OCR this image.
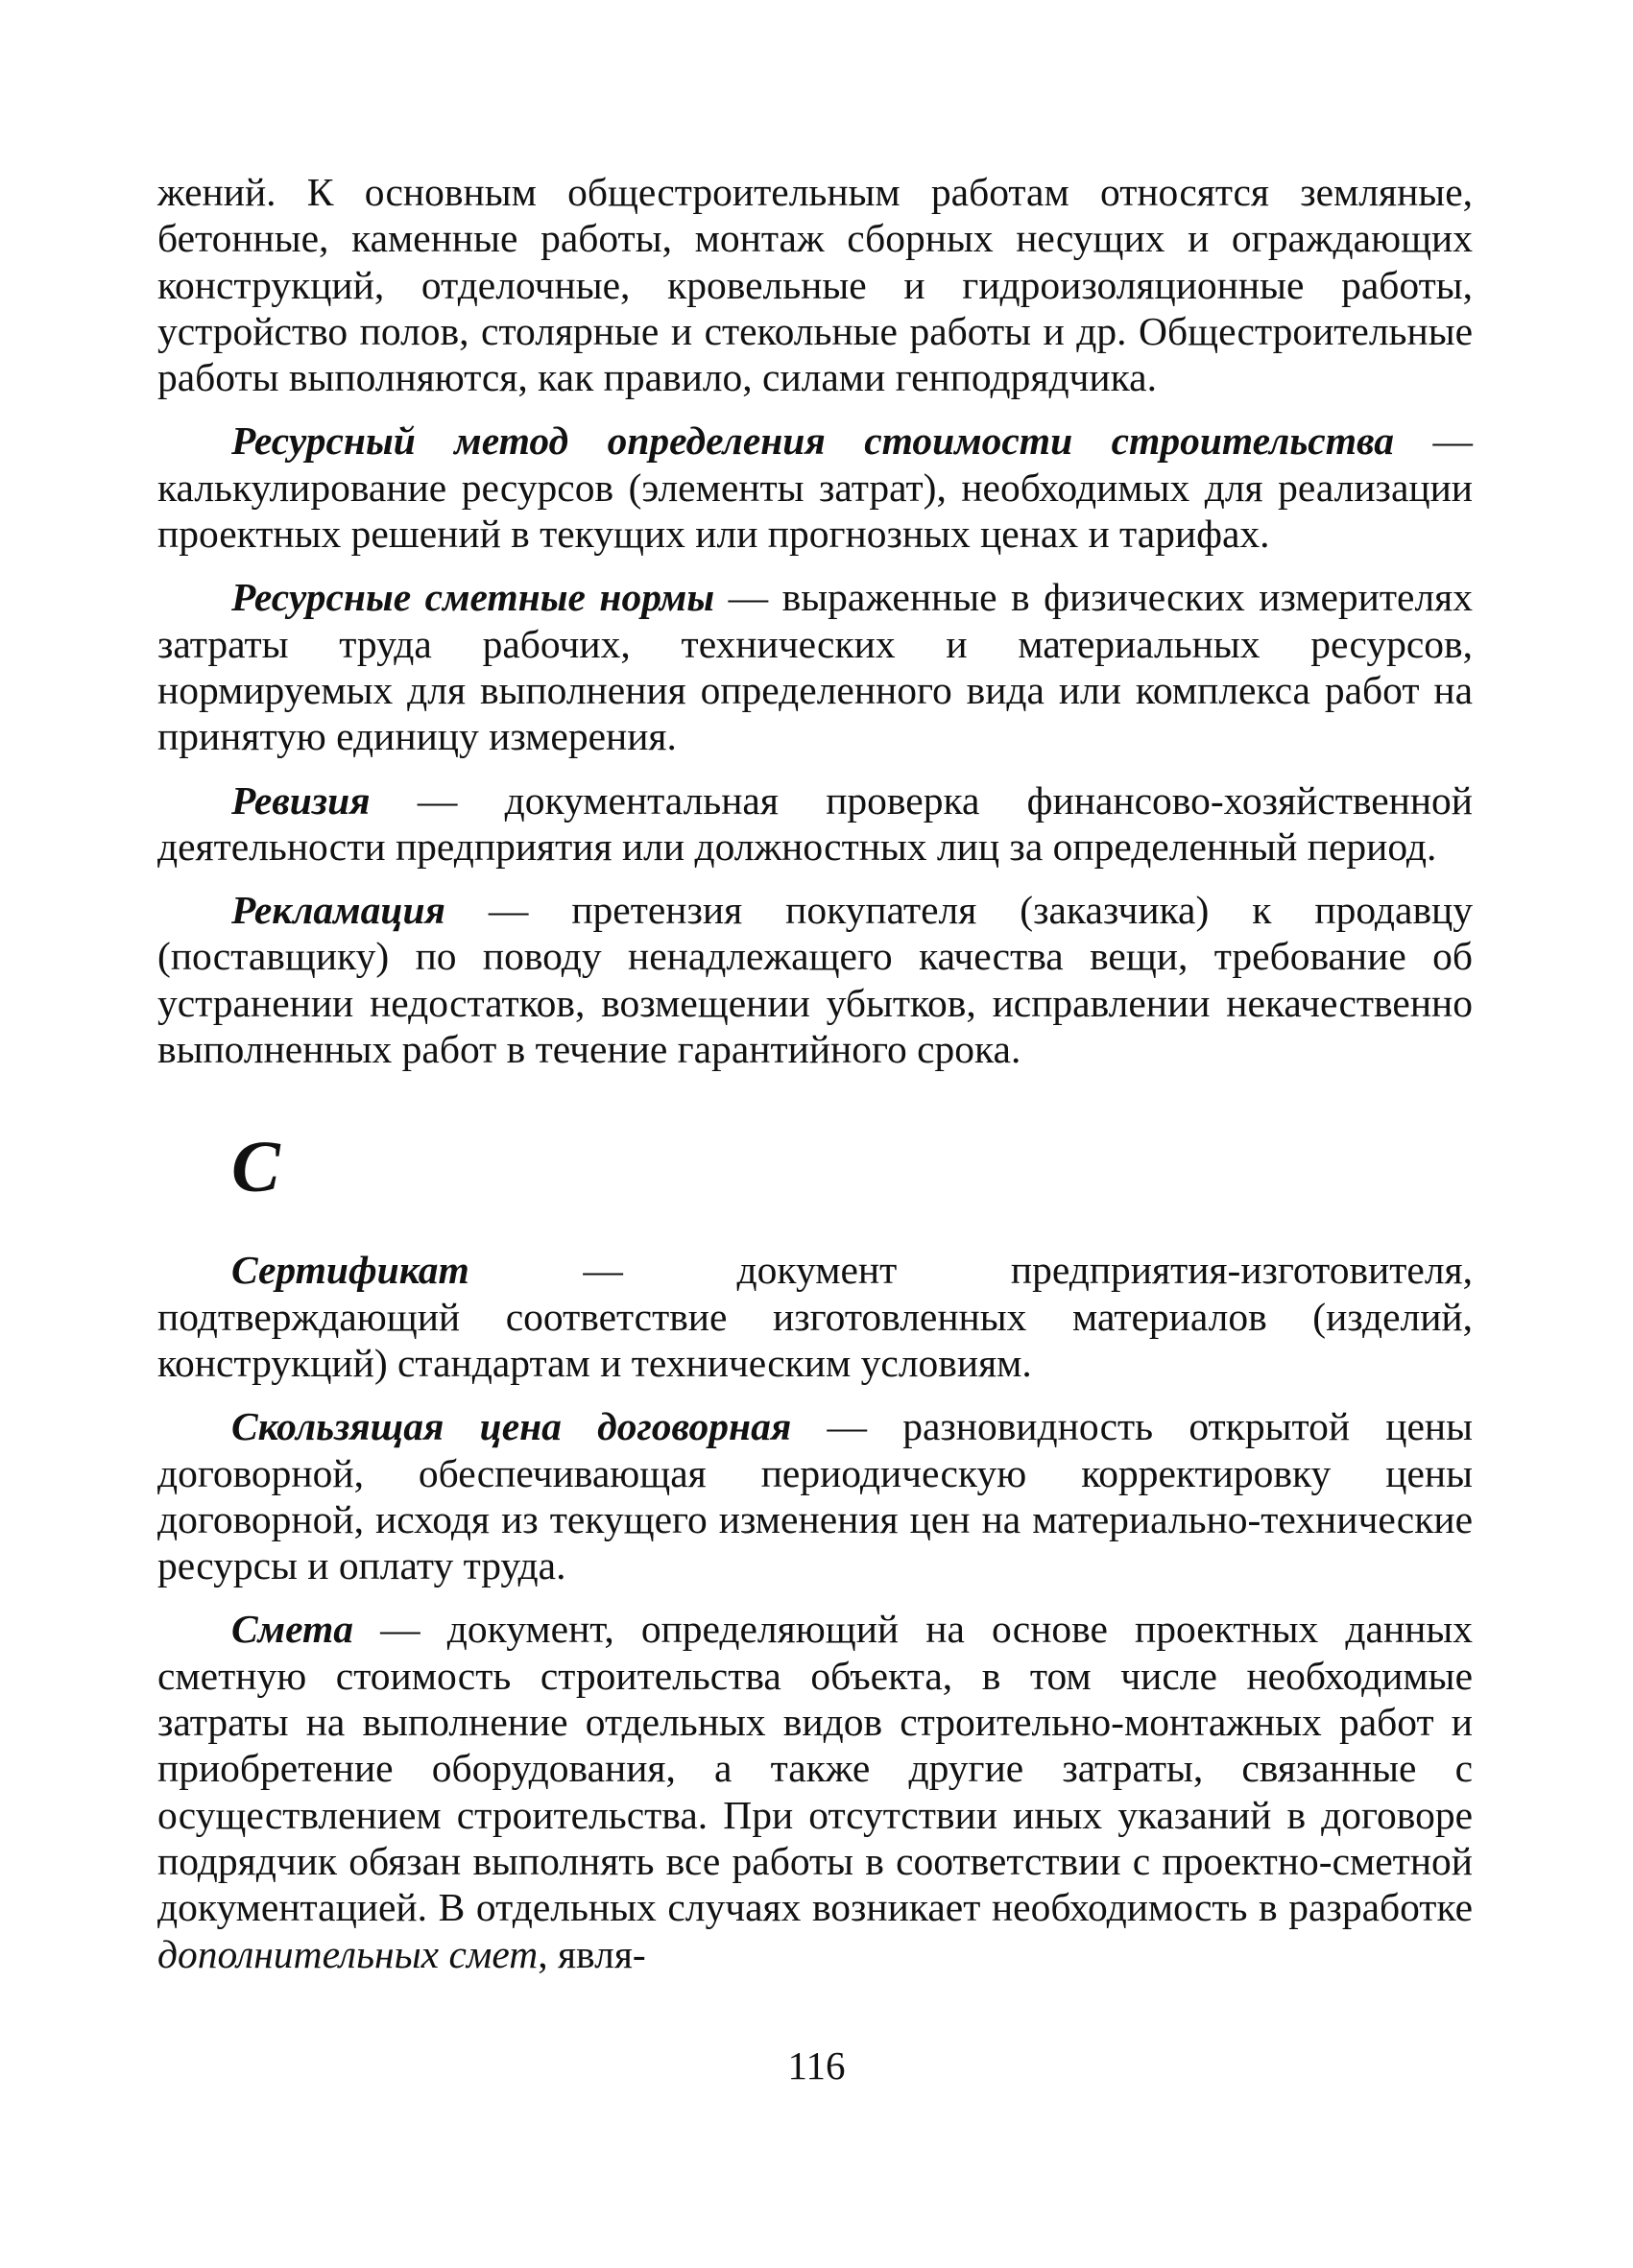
жений. К основным общестроительным работам относятся земляные, бетонные, каменные работы, монтаж сборных несущих и ограждающих конструкций, отделочные, кровельные и гидроизоляционные работы, устройство полов, столярные и стекольные работы и др. Общестроительные работы выполняются, как правило, силами генподрядчика.

Ресурсный метод определения стоимости строительства — калькулирование ресурсов (элементы затрат), необходимых для реализации проектных решений в текущих или прогнозных ценах и тарифах.

Ресурсные сметные нормы — выраженные в физических измерителях затраты труда рабочих, технических и материальных ресурсов, нормируемых для выполнения определенного вида или комплекса работ на принятую единицу измерения.

Ревизия — документальная проверка финансово-хозяйственной деятельности предприятия или должностных лиц за определенный период.

Рекламация — претензия покупателя (заказчика) к продавцу (поставщику) по поводу ненадлежащего качества вещи, требование об устранении недостатков, возмещении убытков, исправлении некачественно выполненных работ в течение гарантийного срока.

С

Сертификат — документ предприятия-изготовителя, подтверждающий соответствие изготовленных материалов (изделий, конструкций) стандартам и техническим условиям.

Скользящая цена договорная — разновидность открытой цены договорной, обеспечивающая периодическую корректировку цены договорной, исходя из текущего изменения цен на материально-технические ресурсы и оплату труда.

Смета — документ, определяющий на основе проектных данных сметную стоимость строительства объекта, в том числе необходимые затраты на выполнение отдельных видов строительно-монтажных работ и приобретение оборудования, а также другие затраты, связанные с осуществлением строительства. При отсутствии иных указаний в договоре подрядчик обязан выполнять все работы в соответствии с проектно-сметной документацией. В отдельных случаях возникает необходимость в разработке дополнительных смет, явля-

116
